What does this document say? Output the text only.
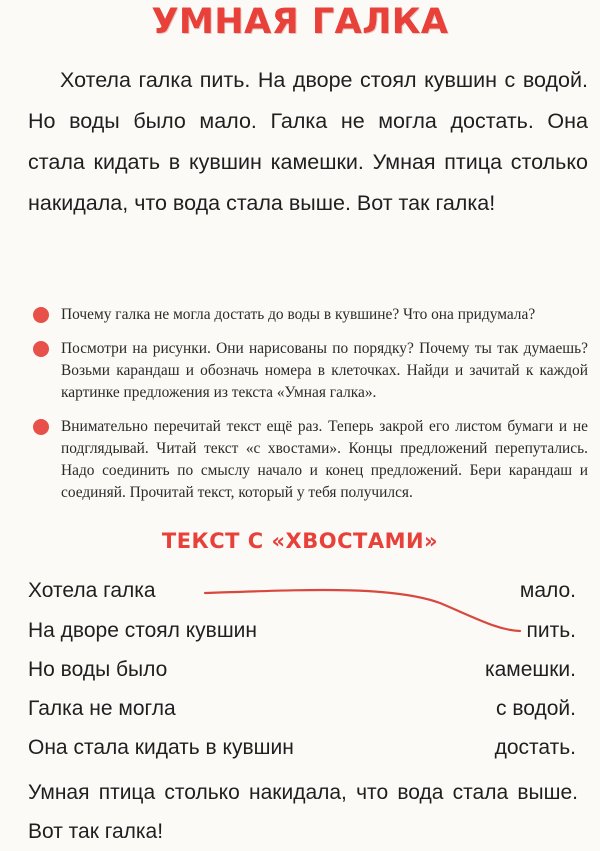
УМНАЯ ГАЛКА

Хотела галка пить. На дворе стоял кувшин с водой. Но воды было мало. Галка не могла достать. Она стала кидать в кувшин камешки. Умная птица столько накидала, что вода стала выше. Вот так галка!

Почему галка не могла достать до воды в кувшине? Что она придумала?
Посмотри на рисунки. Они нарисованы по порядку? Почему ты так думаешь? Возьми карандаш и обозначь номера в клеточках. Найди и зачитай к каждой картинке предложения из текста «Умная галка».
Внимательно перечитай текст ещё раз. Теперь закрой его листом бумаги и не подглядывай. Читай текст «с хвостами». Концы предложений перепутались. Надо соединить по смыслу начало и конец предложений. Бери карандаш и соединяй. Прочитай текст, который у тебя получился.
ТЕКСТ С «ХВОСТАМИ»
Хотела галка	мало.
На дворе стоял кувшин	пить.
Но воды было	камешки.
Галка не могла	с водой.
Она стала кидать в кувшин	достать.
Умная птица столько накидала, что вода стала выше. Вот так галка!
